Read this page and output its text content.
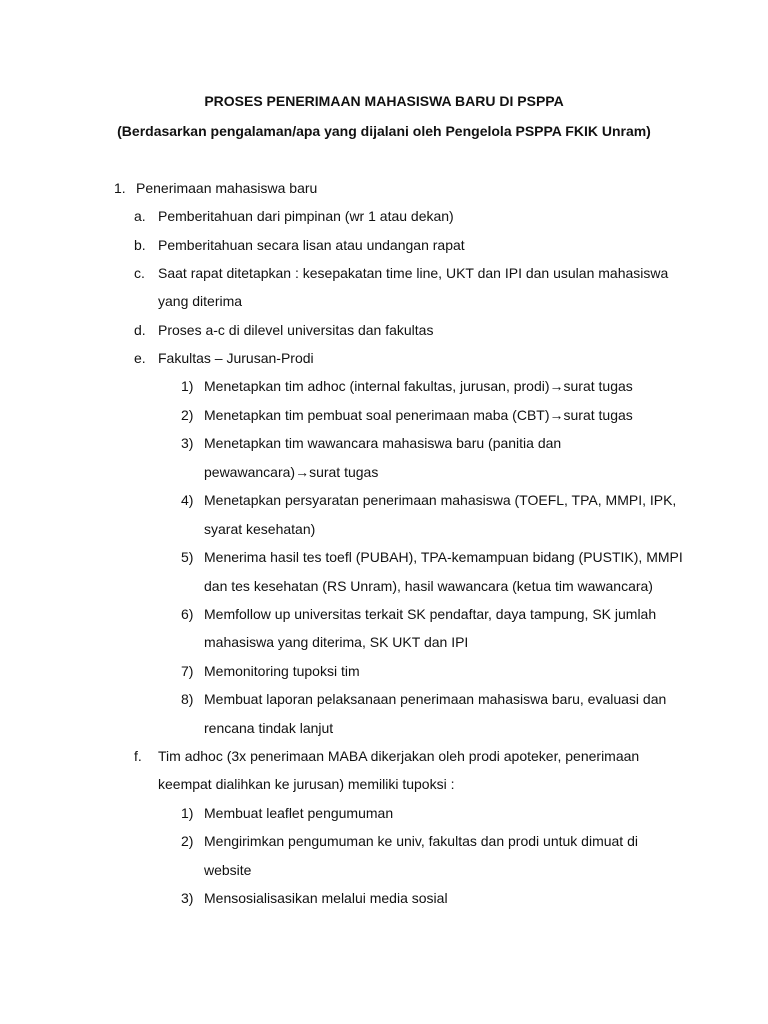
PROSES PENERIMAAN MAHASISWA BARU DI PSPPA
(Berdasarkan pengalaman/apa yang dijalani oleh Pengelola PSPPA FKIK Unram)
1. Penerimaan mahasiswa baru
a. Pemberitahuan dari pimpinan (wr 1 atau dekan)
b. Pemberitahuan secara lisan atau undangan rapat
c. Saat rapat ditetapkan : kesepakatan time line, UKT dan IPI dan usulan mahasiswa
yang diterima
d. Proses a-c di dilevel universitas dan fakultas
e. Fakultas – Jurusan-Prodi
1) Menetapkan tim adhoc (internal fakultas, jurusan, prodi)→surat tugas
2) Menetapkan tim pembuat soal penerimaan maba (CBT)→surat tugas
3) Menetapkan tim wawancara mahasiswa baru (panitia dan
pewawancara)→surat tugas
4) Menetapkan persyaratan penerimaan mahasiswa (TOEFL, TPA, MMPI, IPK,
syarat kesehatan)
5) Menerima hasil tes toefl (PUBAH), TPA-kemampuan bidang (PUSTIK), MMPI
dan tes kesehatan (RS Unram), hasil wawancara (ketua tim wawancara)
6) Memfollow up universitas terkait SK pendaftar, daya tampung, SK jumlah
mahasiswa yang diterima, SK UKT dan IPI
7) Memonitoring tupoksi tim
8) Membuat laporan pelaksanaan penerimaan mahasiswa baru, evaluasi dan
rencana tindak lanjut
f. Tim adhoc (3x penerimaan MABA dikerjakan oleh prodi apoteker, penerimaan
keempat dialihkan ke jurusan) memiliki tupoksi :
1) Membuat leaflet pengumuman
2) Mengirimkan pengumuman ke univ, fakultas dan prodi untuk dimuat di
website
3) Mensosialisasikan melalui media sosial
